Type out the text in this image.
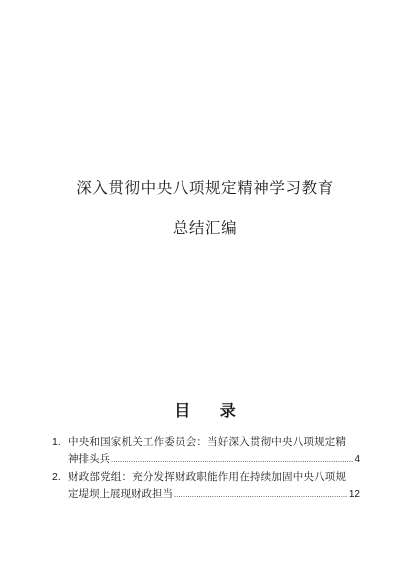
深入贯彻中央八项规定精神学习教育
总结汇编
目 录
1. 中央和国家机关工作委员会：当好深入贯彻中央八项规定精
神排头兵 .....	4
2. 财政部党组：充分发挥财政职能作用在持续加固中央八项规
定堤坝上展现财政担当 .....	12
